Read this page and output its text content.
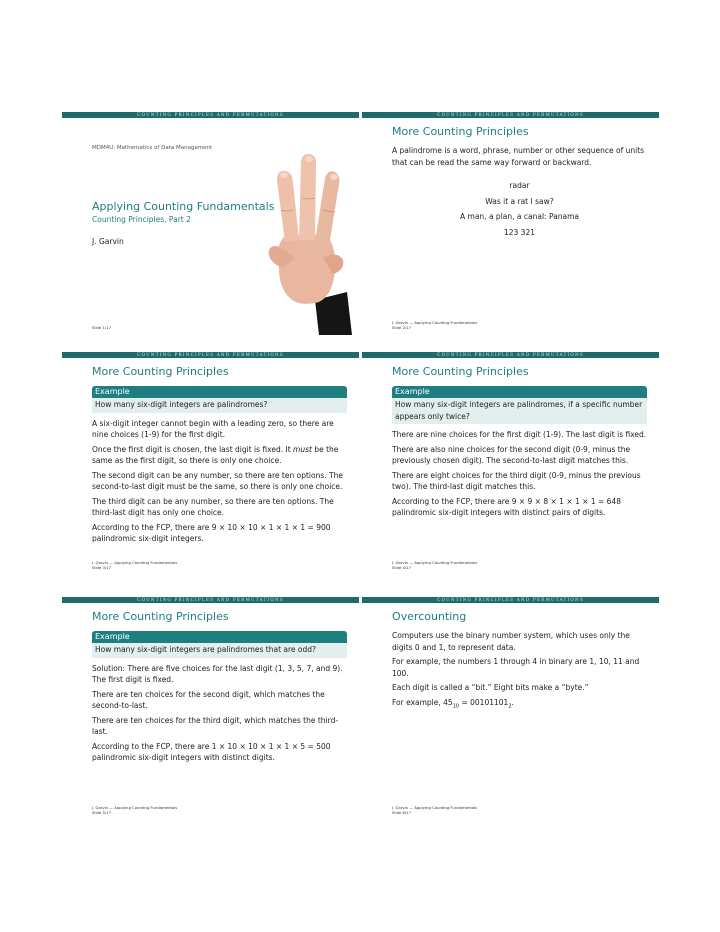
COUNTING PRINCIPLES AND PERMUTATIONS
MDM4U: Mathematics of Data Management
Applying Counting Fundamentals
Counting Principles, Part 2
J. Garvin
Slide 1/17
COUNTING PRINCIPLES AND PERMUTATIONS
More Counting Principles

A palindrome is a word, phrase, number or other sequence of units that can be read the same way forward or backward.

radar
Was it a rat I saw?
A man, a plan, a canal: Panama
123 321
J. Garvin — Applying Counting Fundamentals
Slide 2/17
COUNTING PRINCIPLES AND PERMUTATIONS
More Counting Principles
Example
How many six-digit integers are palindromes?

A six-digit integer cannot begin with a leading zero, so there are nine choices (1-9) for the first digit.

Once the first digit is chosen, the last digit is fixed. It must be the same as the first digit, so there is only one choice.

The second digit can be any number, so there are ten options. The second-to-last digit must be the same, so there is only one choice.

The third digit can be any number, so there are ten options. The third-last digit has only one choice.

According to the FCP, there are 9 × 10 × 10 × 1 × 1 × 1 = 900 palindromic six-digit integers.

J. Garvin — Applying Counting Fundamentals
Slide 3/17
COUNTING PRINCIPLES AND PERMUTATIONS
More Counting Principles
Example
How many six-digit integers are palindromes, if a specific number appears only twice?

There are nine choices for the first digit (1-9). The last digit is fixed.

There are also nine choices for the second digit (0-9, minus the previously chosen digit). The second-to-last digit matches this.

There are eight choices for the third digit (0-9, minus the previous two). The third-last digit matches this.

According to the FCP, there are 9 × 9 × 8 × 1 × 1 × 1 = 648 palindromic six-digit integers with distinct pairs of digits.

J. Garvin — Applying Counting Fundamentals
Slide 4/17
COUNTING PRINCIPLES AND PERMUTATIONS
More Counting Principles
Example
How many six-digit integers are palindromes that are odd?

Solution: There are five choices for the last digit (1, 3, 5, 7, and 9). The first digit is fixed.

There are ten choices for the second digit, which matches the second-to-last.

There are ten choices for the third digit, which matches the third-last.

According to the FCP, there are 1 × 10 × 10 × 1 × 1 × 5 = 500 palindromic six-digit integers with distinct digits.

J. Garvin — Applying Counting Fundamentals
Slide 5/17
COUNTING PRINCIPLES AND PERMUTATIONS
Overcounting

Computers use the binary number system, which uses only the digits 0 and 1, to represent data.

For example, the numbers 1 through 4 in binary are 1, 10, 11 and 100.

Each digit is called a “bit.” Eight bits make a “byte.”

For example, $45_{10} = 00101101_2$.

J. Garvin — Applying Counting Fundamentals
Slide 6/17
